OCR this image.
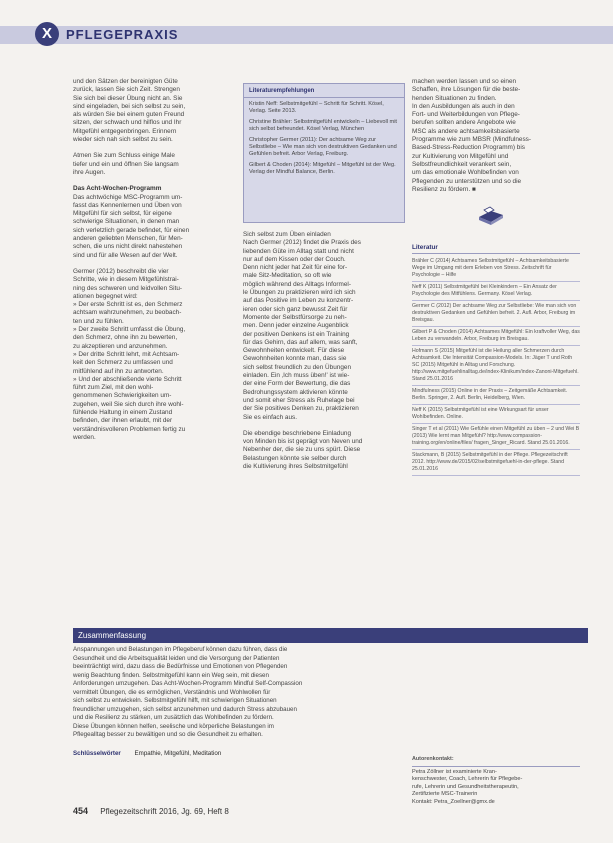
X	PFLEGEPRAXIS

und den Sätzen der bereinigten Güte
zurück, lassen Sie sich Zeit. Strengen
Sie sich bei dieser Übung nicht an. Sie
sind eingeladen, bei sich selbst zu sein,
als würden Sie bei einem guten Freund
sitzen, der schwach und hilflos und Ihr
Mitgefühl entgegenbringen. Erinnern
wieder sich nah sich selbst zu sein.

Atmen Sie zum Schluss einige Male
tiefer und ein und öffnen Sie langsam
ihre Augen.

Das Acht-Wochen-Programm

Das achtwöchige MSC-Programm um-
fasst das Kennenlernen und Üben von
Mitgefühl für sich selbst, für eigene
schwierige Situationen, in denen man
sich verletzlich gerade befindet, für einen
anderen geliebten Menschen, für Men-
schen, die uns nicht direkt nahestehen
sind und für alle Wesen auf der Welt.

Germer (2012) beschreibt die vier
Schritte, wie in diesem Mitgefühlstrai-
ning des schweren und leidvollen Situ-
ationen begegnet wird:
» Der erste Schritt ist es, den Schmerz
achtsam wahrzunehmen, zu beobach-
ten und zu fühlen.
» Der zweite Schritt umfasst die Übung,
den Schmerz, ohne ihn zu bewerten,
zu akzeptieren und anzunehmen.
» Der dritte Schritt lehrt, mit Achtsam-
keit den Schmerz zu umfassen und
mitfühlend auf ihn zu antworten.
» Und der abschließende vierte Schritt
führt zum Ziel, mit den wohl-
genommenen Schwierigkeiten um-
zugehen, weil Sie sich durch ihre wohl-
fühlende Haltung in einem Zustand
befinden, der ihnen erlaubt, mit der
verständnisvolleren Problemen fertig zu
werden.

Literaturempfehlungen
Kristin Neff: Selbstmitgefühl – Schritt für Schritt. Kösel, Verlag. Seite 2013.
Christine Brähler: Selbstmitgefühl entwickeln – Liebevoll mit sich selbst befreundet. Kösel Verlag, München
Christopher Germer (2011): Der achtsame Weg zur Selbstliebe – Wie man sich von destruktiven Gedanken und Gefühlen befreit. Arbor Verlag, Freiburg.
Gilbert & Choden (2014): Mitgefühl – Mitgefühl ist der Weg. Verlag der Mindful Balance, Berlin.

Sich selbst zum Üben einladen
Nach Germer (2012) findet die Praxis des
liebenden Güte im Alltag statt und nicht
nur auf dem Kissen oder der Couch.
Denn nicht jeder hat Zeit für eine for-
male Sitz-Meditation, so oft wie
möglich während des Alltags Informel-
le Übungen zu praktizieren wird ich sich
auf das Positive im Leben zu konzentr-
ieren oder sich ganz bewusst Zeit für
Momente der Selbstfürsorge zu neh-
men. Denn jeder einzelne Augenblick
der positiven Denkens ist ein Training
für das Gehirn, das auf allem, was sanft,
Gewohnheiten entwickelt. Für diese
Gewohnheiten konnte man, dass sie
sich selbst freundlich zu den Übungen
einladen. Ein ‚Ich muss üben!' ist wie-
der eine Form der Bewertung, die das
Bedrohungssystem aktivieren könnte
und somit eher Stress als Ruhelage bei
der Sie positives Denken zu, praktizieren
Sie es einfach aus.

Die ebendige beschriebene Einladung
von Minden bis ist geprägt von Neven und
Nebenher der, die sie zu uns spürt. Diese
Belastungen könnte sie selber durch
die Kultivierung ihres Selbstmitgefühl

machen werden lassen und so einen
Schaffen, ihre Lösungen für die beste-
henden Situationen zu finden.
In den Ausbildungen als auch in den
Fort- und Weiterbildungen von Pflege-
berufen sollten andere Angebote wie
MSC als andere achtsamkeitsbasierte
Programme wie zum MBSR (Mindfulness-
Based-Stress-Reduction Programm) bis
zur Kultivierung von Mitgefühl und
Selbstfreundlichkeit verankert sein,
um das emotionale Wohlbefinden von
Pflegenden zu unterstützen und so die
Resilienz zu fördern. ■

Literatur
Brähler C (2014) Achtsames Selbstmitgefühl – Achtsamkeitsbasierte Wege im Umgang mit dem Erleben von Stress. Zeitschrift für Psychologie – Hilfe
Neff K (2011) Selbstmitgefühl bei Kleinkindern – Ein Ansatz der Psychologie des Mitfühlens. Germany. Kösel Verlag.
Germer C (2012) Der achtsame Weg zur Selbstliebe: Wie man sich von destruktiven Gedanken und Gefühlen befreit. 2. Aufl. Arbor, Freiburg im Breisgau.
Gilbert P & Choden (2014) Achtsames Mitgefühl: Ein kraftvoller Weg, das Leben zu verwandeln. Arbor, Freiburg im Breisgau.
Hofmann S (2015) Mitgefühl ist die Heilung aller Schmerzen durch Achtsamkeit. Die Intensität Compassion-Models. In: Jäger T und Roth SC (2015) Mitgefühl in Alltag und Forschung. http://www.mitgefuehlinalltag.de/index-Klinikum/index-Zanoni-Mitgefuehl. Stand 25.01.2016
Mindfulness (2015) Online in der Praxis – Zeitgemäße Achtsamkeit. Berlin. Springer, 2. Aufl. Berlin, Heidelberg, Wien.
Neff K (2015) Selbstmitgefühl ist eine Wirkungsart für unser Wohlbefinden. Online.
Singer T et al (2011) Wie Gefühle einen Mitgefühl zu üben – 2 und Wei B (2013) Wie lernt man Mitgefühl? http://www.compassion-training.org/en/online/files/ fragen_Singer_Ricard. Stand 25.01.2016.
Stackmann, B (2015) Selbstmitgefühl in der Pflege. Pflegezeitschrift 2012. http://www.de/2015/02/selbstmitgefuehl-in-der-pflege. Stand 25.01.2016
Zusammenfassung
Anspannungen und Belastungen im Pflegeberuf können dazu führen, dass die
Gesundheit und die Arbeitsqualität leiden und die Versorgung der Patienten
beeinträchtigt wird, dazu dass die Bedürfnisse und Emotionen von Pflegenden
wenig Beachtung finden. Selbstmitgefühl kann ein Weg sein, mit diesen
Anforderungen umzugehen. Das Acht-Wochen-Programm Mindful Self-Compassion
vermittelt Übungen, die es ermöglichen, Verständnis und Wohlwollen für
sich selbst zu entwickeln. Selbstmitgefühl hilft, mit schwierigen Situationen
freundlicher umzugehen, sich selbst anzunehmen und dadurch Stress abzubauen
und die Resilienz zu stärken, um zusätzlich das Wohlbefinden zu fördern.
Diese Übungen können helfen, seelische und körperliche Belastungen im
Pflegealltag besser zu bewältigen und so die Gesundheit zu erhalten.
Schlüsselwörter Empathie, Mitgefühl, Meditation
Autorenkontakt:
Petra Zöllner ist examinierte Kran-
kenschwester, Coach, Lehrerin für Pflegebe-
rufe, Lehrerin und Gesundheitstherapeutin,
Zertifizierte MSC-Trainerin
Kontakt: Petra_Zoellner@gmx.de
454 Pflegezeitschrift 2016, Jg. 69, Heft 8
